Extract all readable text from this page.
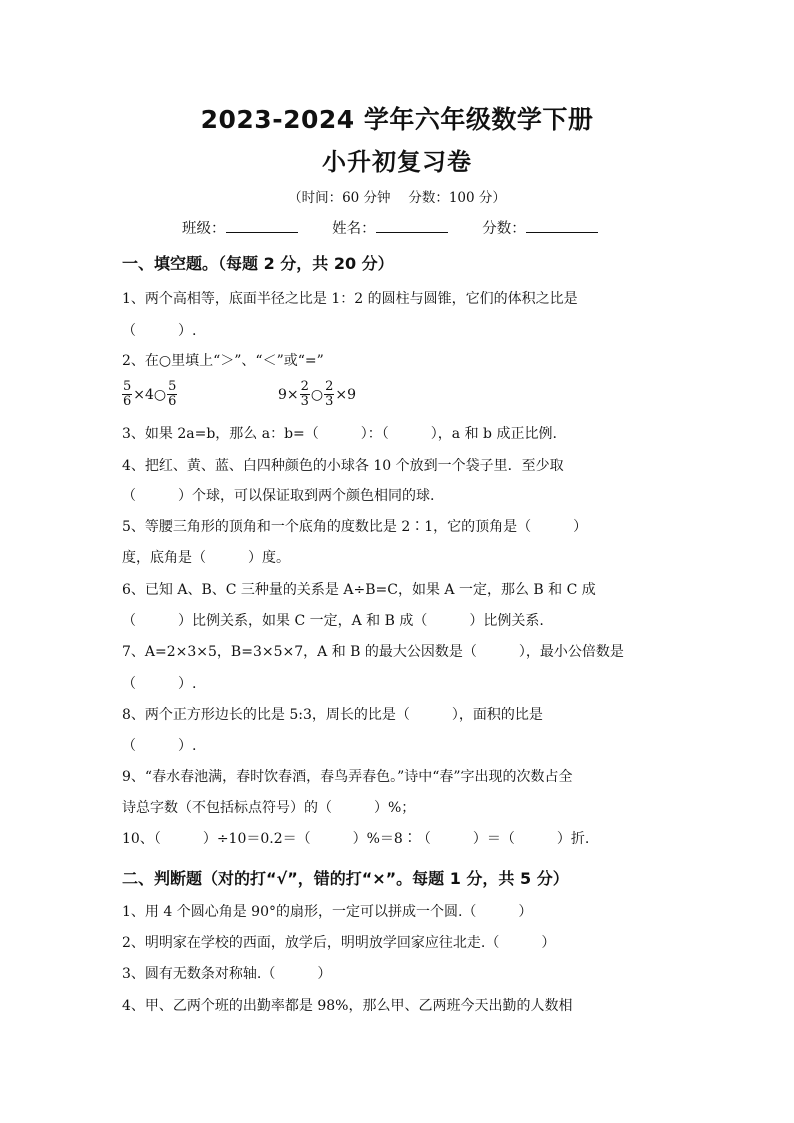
2023-2024 学年六年级数学下册
小升初复习卷
（时间：60 分钟　 分数：100 分）
班级：	姓名：	分数：
一、填空题。（每题 2 分，共 20 分）
1、两个高相等，底面半径之比是 1：2 的圆柱与圆锥，它们的体积之比是
（　　　）.
2、在○里填上“＞”、“＜”或“=”
$\frac{5}{6}$ ×4○ $\frac{5}{6}$	$9\times \frac{2}{3}$ ○ $\frac{2}{3} \times 9$
3、如果 2a=b，那么 a：b=（　　　）：（　　　），a 和 b 成正比例.
4、把红、黄、蓝、白四种颜色的小球各 10 个放到一个袋子里．至少取
（　　　）个球，可以保证取到两个颜色相同的球.
5、等腰三角形的顶角和一个底角的度数比是 2∶1，它的顶角是（　　　）
度，底角是（　　　）度。
6、已知 A、B、C 三种量的关系是 A÷B=C，如果 A 一定，那么 B 和 C 成
（　　　）比例关系，如果 C 一定，A 和 B 成（　　　）比例关系.
7、A=2×3×5，B=3×5×7，A 和 B 的最大公因数是（　　　），最小公倍数是
（　　　）.
8、两个正方形边长的比是 5:3，周长的比是（　　　），面积的比是
（　　　）.
9、“春水春池满，春时饮春酒，春鸟弄春色。”诗中“春”字出现的次数占全
诗总字数（不包括标点符号）的（　　　）%；
10、（　　　）÷10＝0.2＝（　　　）%＝8∶（　　　）＝（　　　）折.
二、判断题（对的打“√”，错的打“×”。每题 1 分，共 5 分）
1、用 4 个圆心角是 90°的扇形，一定可以拼成一个圆.（　　　）
2、明明家在学校的西面，放学后，明明放学回家应往北走.（　　　）
3、圆有无数条对称轴.（　　　）
4、甲、乙两个班的出勤率都是 98%，那么甲、乙两班今天出勤的人数相
